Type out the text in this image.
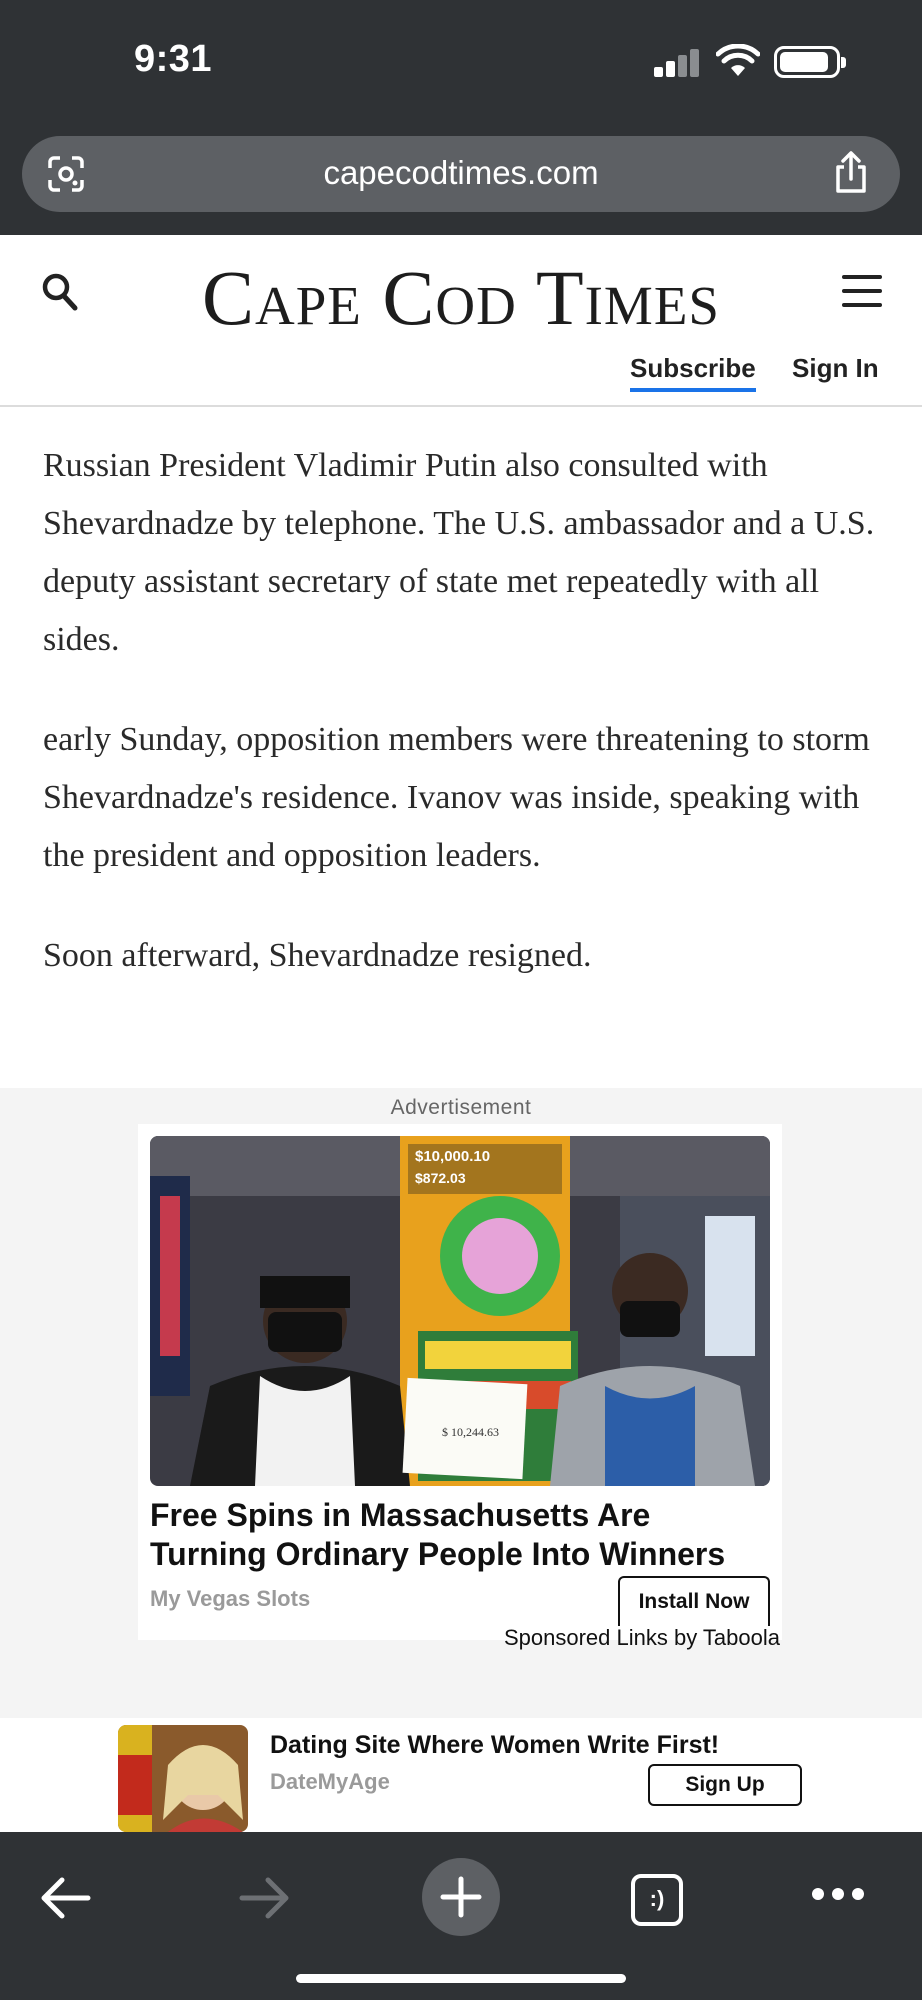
9:31
capecodtimes.com
Cape Cod Times
Subscribe Sign In

Russian President Vladimir Putin also consulted with Shevardnadze by telephone. The U.S. ambassador and a U.S. deputy assistant secretary of state met repeatedly with all sides.

early Sunday, opposition members were threatening to storm Shevardnadze's residence. Ivanov was inside, speaking with the president and opposition leaders.

Soon afterward, Shevardnadze resigned.

Advertisement
$10,000.10
$872.03
$ 10,244.63
Free Spins in Massachusetts Are Turning Ordinary People Into Winners
My Vegas Slots	Install Now
Sponsored Links by Taboola
Dating Site Where Women Write First!
DateMyAge	Sign Up
:)
